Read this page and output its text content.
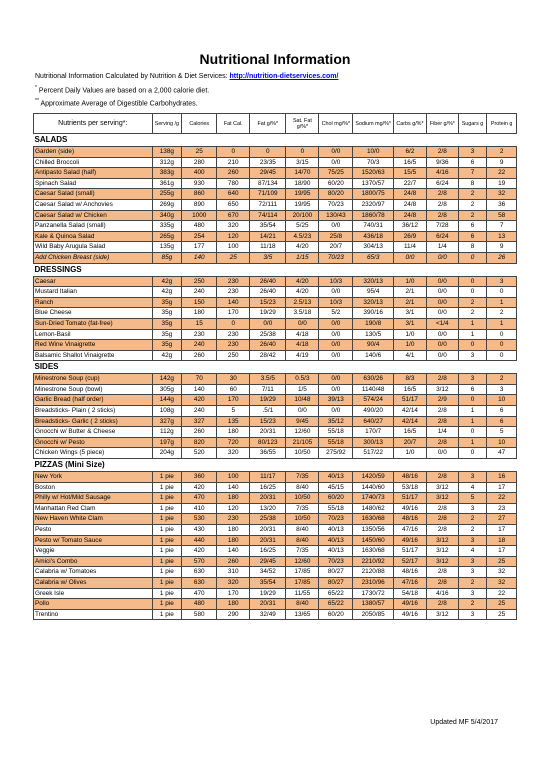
Nutritional Information
Nutritional Information Calculated by Nutrition & Diet Services: http://nutrition-dietservices.com/
* Percent Daily Values are based on a 2,000 calorie diet.
** Approximate Average of Digestible Carbohydrates.
Nutrients per serving*:	Serving /g	Calories	Fat Cal.	Fat g/%*	Sat. Fat g/%*	Chol mg/%*	Sodium mg/%*	Carbs g/%*	Fiber g/%*	Sugars g	Protein g
SALADS											
Garden (side)	138g	25	0	0	0	0/0	10/0	6/2	2/8	3	2
Chilled Broccoli	312g	280	210	23/35	3/15	0/0	70/3	16/5	9/36	6	9
Antipasto Salad (half)	383g	400	260	29/45	14/70	75/25	1520/63	15/5	4/16	7	22
Spinach Salad	361g	930	780	87/134	18/90	60/20	1370/57	22/7	6/24	8	19
Caesar Salad (small)	255g	860	640	71/109	19/95	80/20	1800/75	24/8	2/8	2	32
Caesar Salad w/ Anchovies	269g	890	650	72/111	19/95	70/23	2320/97	24/8	2/8	2	36
Caesar Salad w/ Chicken	340g	1000	670	74/114	20/100	130/43	1860/78	24/8	2/8	2	58
Panzanella Salad (small)	335g	480	320	35/54	5/25	0/0	740/31	36/12	7/28	6	7
Kale & Quinoa Salad	265g	254	120	14/21	4.5/23	25/8	436/18	26/9	6/24	6	13
Wild Baby Arugula Salad	135g	177	100	11/18	4/20	20/7	304/13	11/4	1/4	8	9
Add Chicken Breast (side)	85g	140	25	3/5	1/15	70/23	65/3	0/0	0/0	0	26
DRESSINGS											
Caesar	42g	250	230	26/40	4/20	10/3	320/13	1/0	0/0	0	3
Mustard Italian	42g	240	230	26/40	4/20	0/0	95/4	2/1	0/0	0	0
Ranch	35g	150	140	15/23	2.5/13	10/3	320/13	2/1	0/0	2	1
Blue Cheese	35g	180	170	19/29	3.5/18	5/2	390/16	3/1	0/0	2	2
Sun-Dried Tomato (fat-free)	35g	15	0	0/0	0/0	0/0	190/8	3/1	<1/4	1	1
Lemon-Basil	35g	230	230	25/38	4/18	0/0	130/5	1/0	0/0	1	0
Red Wine Vinaigrette	35g	240	230	26/40	4/18	0/0	90/4	1/0	0/0	0	0
Balsamic Shallot Vinaigrette	42g	260	250	28/42	4/19	0/0	140/6	4/1	0/0	3	0
SIDES											
Minestrone Soup (cup)	142g	70	30	3.5/5	0.5/3	0/0	630/26	8/3	2/8	3	2
Minestrone Soup (bowl)	305g	140	60	7/11	1/5	0/0	1140/48	16/5	3/12	6	3
Garlic Bread (half order)	144g	420	170	19/29	10/48	39/13	574/24	51/17	2/9	0	10
Breadsticks- Plain ( 2 sticks)	108g	240	5	.5/1	0/0	0/0	490/20	42/14	2/8	1	6
Breadsticks- Garlic ( 2 sticks)	327g	327	135	15/23	9/45	35/12	640/27	42/14	2/8	1	6
Gnocchi w/ Butter & Cheese	112g	260	180	20/31	12/60	55/18	170/7	16/5	1/4	0	5
Gnocchi w/ Pesto	197g	820	720	80/123	21/105	55/18	300/13	20/7	2/8	1	10
Chicken Wings (5 piece)	204g	520	320	36/55	10/50	275/92	517/22	1/0	0/0	0	47
PIZZAS (Mini Size)											
New York	1 pie	360	100	11/17	7/35	40/13	1420/59	48/16	2/8	3	16
Boston	1 pie	420	140	16/25	8/40	45/15	1440/60	53/18	3/12	4	17
Philly w/ Hot/Mild Sausage	1 pie	470	180	20/31	10/50	60/20	1740/73	51/17	3/12	5	22
Manhattan Red Clam	1 pie	410	120	13/20	7/35	55/18	1480/62	49/16	2/8	3	23
New Haven White Clam	1 pie	530	230	25/38	10/50	70/23	1630/68	48/16	2/8	2	27
Pesto	1 pie	430	180	20/31	8/40	40/13	1350/56	47/16	2/8	2	17
Pesto w/ Tomato Sauce	1 pie	440	180	20/31	8/40	40/13	1450/60	49/16	3/12	3	18
Veggie	1 pie	420	140	16/25	7/35	40/13	1630/68	51/17	3/12	4	17
Amici's Combo	1 pie	570	260	29/45	12/60	70/23	2210/92	52/17	3/12	3	25
Calabria w/ Tomatoes	1 pie	630	310	34/52	17/85	80/27	2120/88	48/16	2/8	3	32
Calabria w/ Olives	1 pie	630	320	35/54	17/85	80/27	2310/96	47/16	2/8	2	32
Greek Isle	1 pie	470	170	19/29	11/55	65/22	1730/72	54/18	4/16	3	22
Pollo	1 pie	480	180	20/31	8/40	65/22	1380/57	49/16	2/8	2	25
Trentino	1 pie	580	290	32/49	13/65	60/20	2050/85	49/16	3/12	3	25
Updated MF 5/4/2017
